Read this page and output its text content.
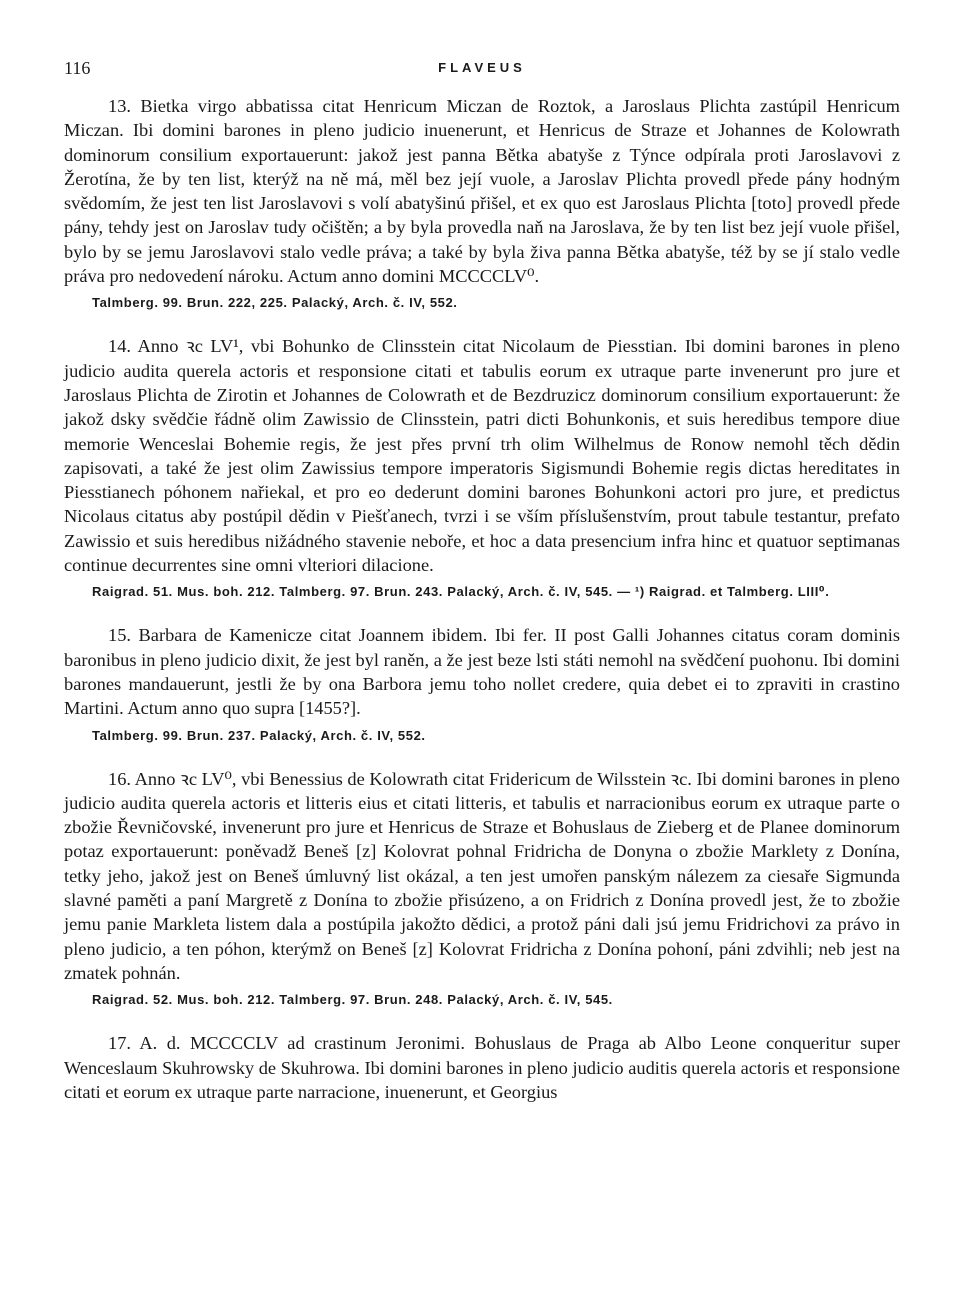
116	FLAVEUS

13. Bietka virgo abbatissa citat Henricum Miczan de Roztok, a Jaroslaus Plichta zastúpil Henricum Miczan. Ibi domini barones in pleno judicio inuenerunt, et Henricus de Straze et Johannes de Kolowrath dominorum consilium exportauerunt: jakož jest panna Bětka abatyše z Týnce odpírala proti Jaroslavovi z Žerotína, že by ten list, kterýž na ně má, měl bez její vuole, a Jaroslav Plichta provedl přede pány hodným svědomím, že jest ten list Jaroslavovi s volí abatyšinú přišel, et ex quo est Jaroslaus Plichta [toto] provedl přede pány, tehdy jest on Jaroslav tudy očištěn; a by byla provedla naň na Jaroslava, že by ten list bez její vuole přišel, bylo by se jemu Jaroslavovi stalo vedle práva; a také by byla živa panna Bětka abatyše, též by se jí stalo vedle práva pro nedovedení nároku. Actum anno domini MCCCCLV⁰.

Talmberg. 99. Brun. 222, 225. Palacký, Arch. č. IV, 552.

14. Anno ꝛc LV¹, vbi Bohunko de Clinsstein citat Nicolaum de Piesstian. Ibi domini barones in pleno judicio audita querela actoris et responsione citati et tabulis eorum ex utraque parte invenerunt pro jure et Jaroslaus Plichta de Zirotin et Johannes de Colowrath et de Bezdruzicz dominorum consilium exportauerunt: že jakož dsky svědčie řádně olim Zawissio de Clinsstein, patri dicti Bohunkonis, et suis heredibus tempore diue memorie Wenceslai Bohemie regis, že jest přes první trh olim Wilhelmus de Ronow nemohl těch dědin zapisovati, a také že jest olim Zawissius tempore imperatoris Sigismundi Bohemie regis dictas hereditates in Piesstianech póhonem nařiekal, et pro eo dederunt domini barones Bohunkoni actori pro jure, et predictus Nicolaus citatus aby postúpil dědin v Piešťanech, tvrzi i se vším příslušenstvím, prout tabule testantur, prefato Zawissio et suis heredibus nižádného stavenie neboře, et hoc a data presencium infra hinc et quatuor septimanas continue decurrentes sine omni vlteriori dilacione.

Raigrad. 51. Mus. boh. 212. Talmberg. 97. Brun. 243. Palacký, Arch. č. IV, 545. — ¹) Raigrad. et Talmberg. LIII⁰.

15. Barbara de Kamenicze citat Joannem ibidem. Ibi fer. II post Galli Johannes citatus coram dominis baronibus in pleno judicio dixit, že jest byl raněn, a že jest beze lsti státi nemohl na svědčení puohonu. Ibi domini barones mandauerunt, jestli že by ona Barbora jemu toho nollet credere, quia debet ei to zpraviti in crastino Martini. Actum anno quo supra [1455?].

Talmberg. 99. Brun. 237. Palacký, Arch. č. IV, 552.

16. Anno ꝛc LV⁰, vbi Benessius de Kolowrath citat Fridericum de Wilsstein ꝛc. Ibi domini barones in pleno judicio audita querela actoris et litteris eius et citati litteris, et tabulis et narracionibus eorum ex utraque parte o zbožie Řevničovské, invenerunt pro jure et Henricus de Straze et Bohuslaus de Zieberg et de Planee dominorum potaz exportauerunt: poněvadž Beneš [z] Kolovrat pohnal Fridricha de Donyna o zbožie Marklety z Donína, tetky jeho, jakož jest on Beneš úmluvný list okázal, a ten jest umořen panským nálezem za ciesaře Sigmunda slavné paměti a paní Margretě z Donína to zbožie přisúzeno, a on Fridrich z Donína provedl jest, že to zbožie jemu panie Markleta listem dala a postúpila jakožto dědici, a protož páni dali jsú jemu Fridrichovi za právo in pleno judicio, a ten póhon, kterýmž on Beneš [z] Kolovrat Fridricha z Donína pohoní, páni zdvihli; neb jest na zmatek pohnán.

Raigrad. 52. Mus. boh. 212. Talmberg. 97. Brun. 248. Palacký, Arch. č. IV, 545.

17. A. d. MCCCCLV ad crastinum Jeronimi. Bohuslaus de Praga ab Albo Leone conqueritur super Wenceslaum Skuhrowsky de Skuhrowa. Ibi domini barones in pleno judicio auditis querela actoris et responsione citati et eorum ex utraque parte narracione, inuenerunt, et Georgius
